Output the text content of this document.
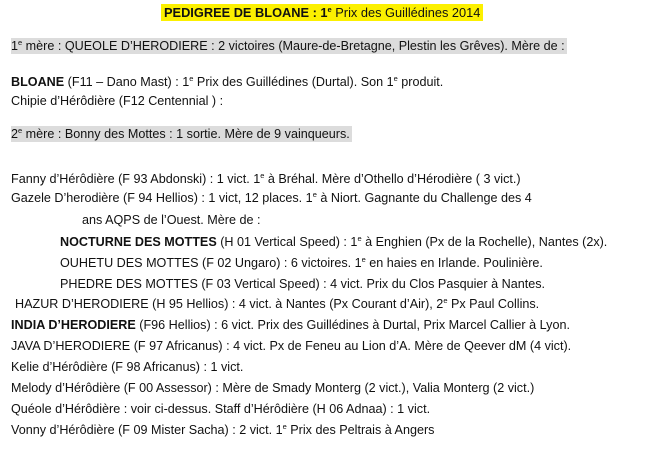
PEDIGREE DE BLOANE : 1e Prix des Guillédines 2014
1e mère : QUEOLE D’HERODIERE : 2 victoires (Maure-de-Bretagne, Plestin les Grêves). Mère de :
BLOANE (F11 – Dano Mast) : 1e Prix des Guillédines (Durtal). Son 1e produit.
Chipie d’Hérôdière (F12 Centennial ) :
2e mère : Bonny des Mottes : 1 sortie. Mère de 9 vainqueurs.
Fanny d’Hérôdière (F 93 Abdonski) : 1 vict. 1e à Bréhal. Mère d’Othello d’Hérodière ( 3 vict.)
Gazele D’herodière (F 94 Hellios) : 1 vict, 12 places. 1e à Niort. Gagnante du Challenge des 4
ans AQPS de l’Ouest. Mère de :
NOCTURNE DES MOTTES (H 01 Vertical Speed) : 1e à Enghien (Px de la Rochelle), Nantes (2x).
OUHETU DES MOTTES (F 02 Ungaro) : 6 victoires. 1e en haies en Irlande. Poulinière.
PHEDRE DES MOTTES (F 03 Vertical Speed) : 4 vict. Prix du Clos Pasquier à Nantes.
HAZUR D’HERODIERE (H 95 Hellios) : 4 vict. à Nantes (Px Courant d’Air), 2e Px Paul Collins.
INDIA D’HERODIERE (F96 Hellios) : 6 vict. Prix des Guillédines à Durtal, Prix Marcel Callier à Lyon.
JAVA D’HERODIERE (F 97 Africanus) : 4 vict. Px de Feneu au Lion d’A. Mère de Qeever dM (4 vict).
Kelie d’Hérôdière (F 98 Africanus) : 1 vict.
Melody d’Hérôdière (F 00 Assessor) : Mère de Smady Monterg (2 vict.), Valia Monterg (2 vict.)
Quéole d’Hérôdière : voir ci-dessus. Staff d’Hérôdière (H 06 Adnaa) : 1 vict.
Vonny d’Hérôdière (F 09 Mister Sacha) : 2 vict. 1e Prix des Peltrais à Angers
